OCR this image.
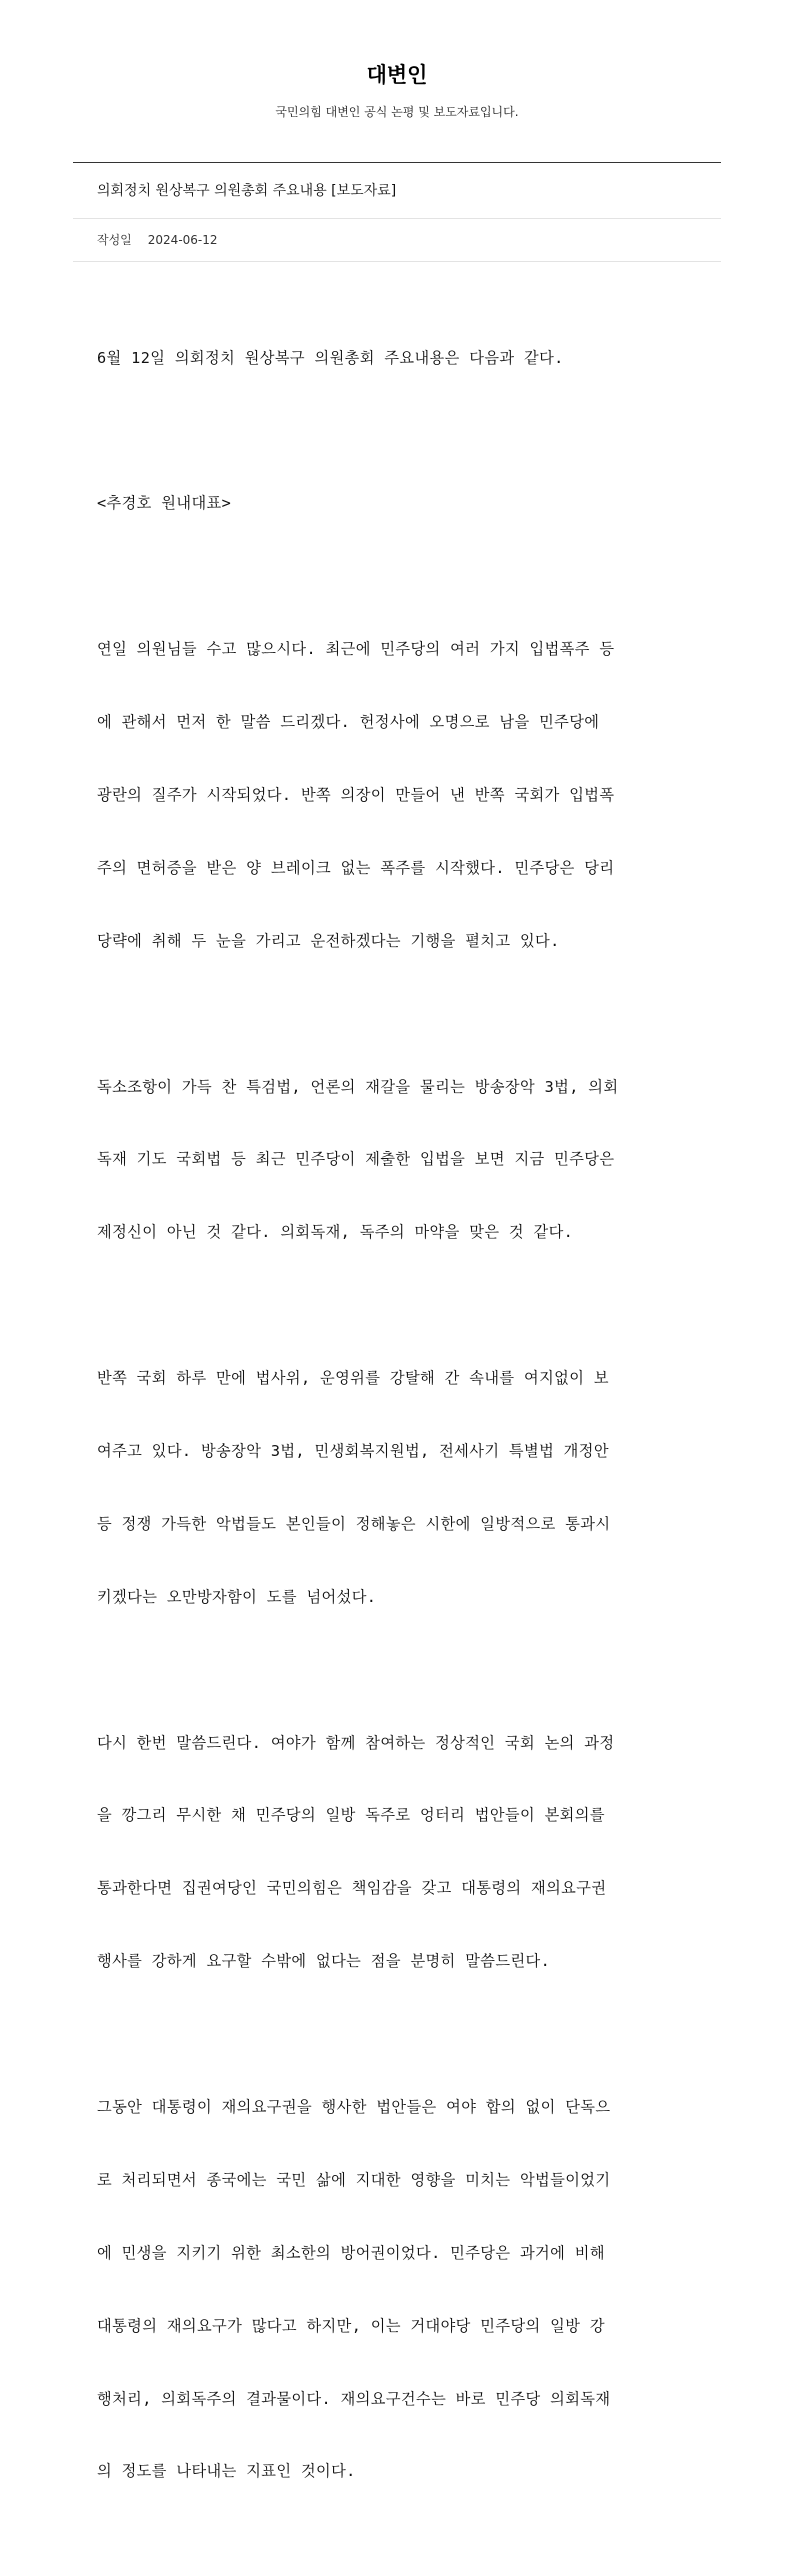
대변인
국민의힘 대변인 공식 논평 및 보도자료입니다.
의회정치 원상복구 의원총회 주요내용 [보도자료]
작성일 2024-06-12

6월 12일 의회정치 원상복구 의원총회 주요내용은 다음과 같다.

<추경호 원내대표>

연일 의원님들 수고 많으시다. 최근에 민주당의 여러 가지 입법폭주 등

에 관해서 먼저 한 말씀 드리겠다. 헌정사에 오명으로 남을 민주당에

광란의 질주가 시작되었다. 반쪽 의장이 만들어 낸 반쪽 국회가 입법폭

주의 면허증을 받은 양 브레이크 없는 폭주를 시작했다. 민주당은 당리

당략에 취해 두 눈을 가리고 운전하겠다는 기행을 펼치고 있다.

독소조항이 가득 찬 특검법, 언론의 재갈을 물리는 방송장악 3법, 의회

독재 기도 국회법 등 최근 민주당이 제출한 입법을 보면 지금 민주당은

제정신이 아닌 것 같다. 의회독재, 독주의 마약을 맞은 것 같다.

반쪽 국회 하루 만에 법사위, 운영위를 강탈해 간 속내를 여지없이 보

여주고 있다. 방송장악 3법, 민생회복지원법, 전세사기 특별법 개정안

등 정쟁 가득한 악법들도 본인들이 정해놓은 시한에 일방적으로 통과시

키겠다는 오만방자함이 도를 넘어섰다.

다시 한번 말씀드린다. 여야가 함께 참여하는 정상적인 국회 논의 과정

을 깡그리 무시한 채 민주당의 일방 독주로 엉터리 법안들이 본회의를

통과한다면 집권여당인 국민의힘은 책임감을 갖고 대통령의 재의요구권

행사를 강하게 요구할 수밖에 없다는 점을 분명히 말씀드린다.

그동안 대통령이 재의요구권을 행사한 법안들은 여야 합의 없이 단독으

로 처리되면서 종국에는 국민 삶에 지대한 영향을 미치는 악법들이었기

에 민생을 지키기 위한 최소한의 방어권이었다. 민주당은 과거에 비해

대통령의 재의요구가 많다고 하지만, 이는 거대야당 민주당의 일방 강

행처리, 의회독주의 결과물이다. 재의요구건수는 바로 민주당 의회독재

의 정도를 나타내는 지표인 것이다.
